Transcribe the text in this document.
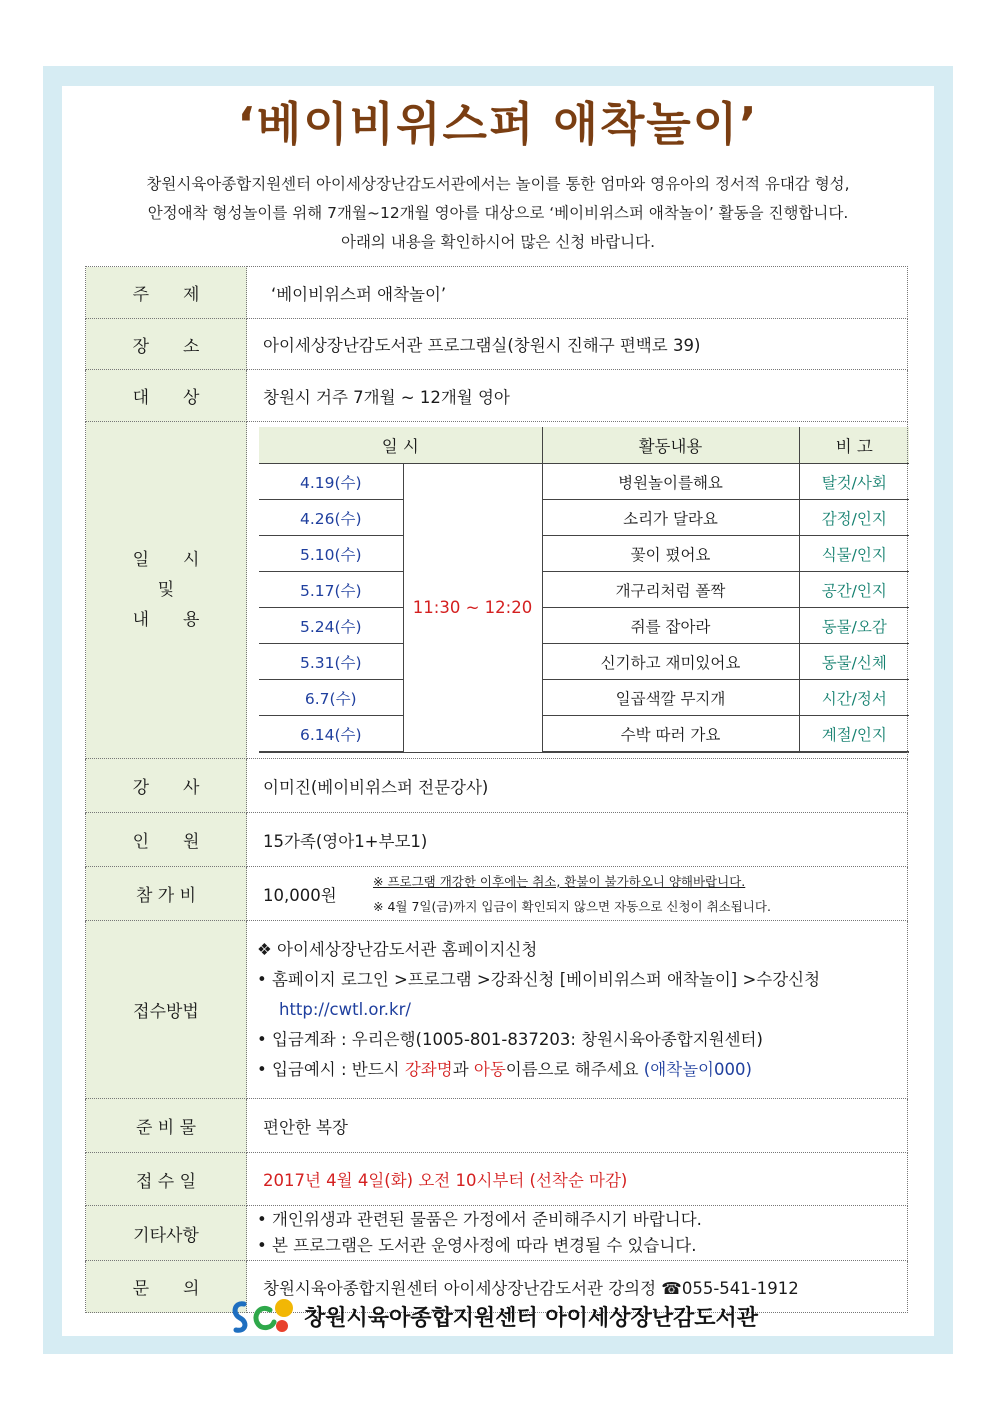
‘베이비위스퍼 애착놀이’
창원시육아종합지원센터 아이세상장난감도서관에서는 놀이를 통한 엄마와 영유아의 정서적 유대감 형성,
안정애착 형성놀이를 위해 7개월~12개월 영아를 대상으로 ‘베이비위스퍼 애착놀이’ 활동을 진행합니다.
아래의 내용을 확인하시어 많은 신청 바랍니다.
주　　제	‘베이비위스퍼 애착놀이’
장　　소	아이세상장난감도서관 프로그램실(창원시 진해구 편백로 39)
대　　상	창원시 거주 7개월 ~ 12개월 영아

일　　시
및
내　　용

일 시	활동내용	비 고
4.19(수)	11:30 ~ 12:20	병원놀이를해요	탈것/사회
4.26(수)	소리가 달라요	감정/인지
5.10(수)	꽃이 폈어요	식물/인지
5.17(수)	개구리처럼 폴짝	공간/인지
5.24(수)	쥐를 잡아라	동물/오감
5.31(수)	신기하고 재미있어요	동물/신체
6.7(수)	일곱색깔 무지개	시간/정서
6.14(수)	수박 따러 가요	계절/인지

강　　사	이미진(베이비위스퍼 전문강사)
인　　원	15가족(영아1+부모1)
참 가 비	10,000원
※ 프로그램 개강한 이후에는 취소, 환불이 불가하오니 양해바랍니다.
※ 4월 7일(금)까지 입금이 확인되지 않으면 자동으로 신청이 취소됩니다.

접수방법	
❖ 아이세상장난감도서관 홈페이지신청
• 홈페이지 로그인 >프로그램 >강좌신청 [베이비위스퍼 애착놀이] >수강신청
http://cwtl.or.kr/
• 입금계좌 : 우리은행(1005-801-837203: 창원시육아종합지원센터)
• 입금예시 : 반드시 강좌명과 아동이름으로 해주세요 (애착놀이000)

준 비 물	편안한 복장
접 수 일	2017년 4월 4일(화) 오전 10시부터 (선착순 마감)
기타사항	
• 개인위생과 관련된 물품은 가정에서 준비해주시기 바랍니다.
• 본 프로그램은 도서관 운영사정에 따라 변경될 수 있습니다.

문　　의	창원시육아종합지원센터 아이세상장난감도서관 강의정 ☎055-541-1912
창원시육아종합지원센터 아이세상장난감도서관
